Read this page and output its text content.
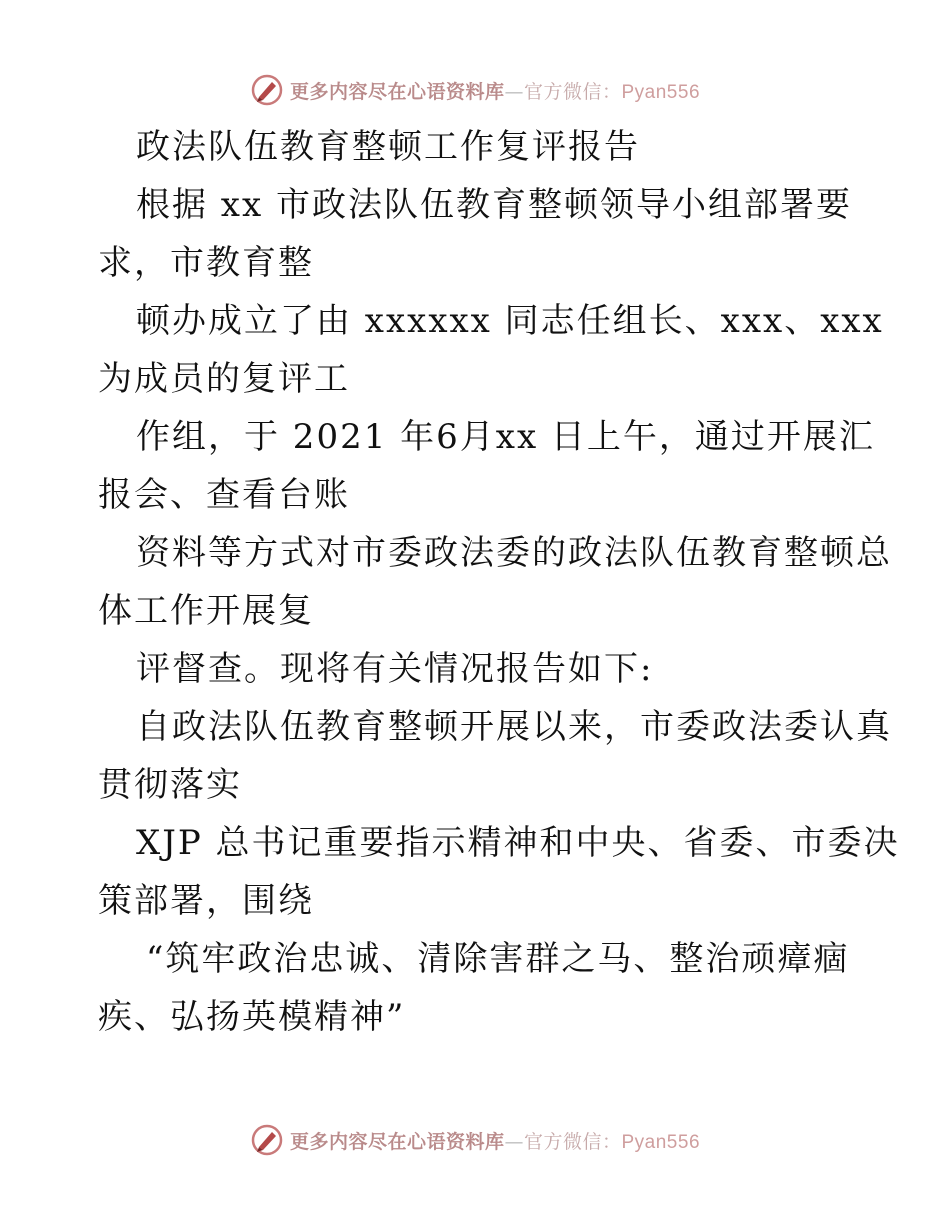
更多内容尽在心语资料库—官方微信：Pyan556
政法队伍教育整顿工作复评报告
根据 xx 市政法队伍教育整顿领导小组部署要
求，市教育整
顿办成立了由 xxxxxx 同志任组长、xxx、xxx
为成员的复评工
作组，于 2021 年6月xx 日上午，通过开展汇
报会、查看台账
资料等方式对市委政法委的政法队伍教育整顿总
体工作开展复
评督查。现将有关情况报告如下:
自政法队伍教育整顿开展以来，市委政法委认真
贯彻落实
XJP 总书记重要指示精神和中央、省委、市委决
策部署，围绕
“筑牢政治忠诚、清除害群之马、整治顽瘴痼
疾、弘扬英模精神”
更多内容尽在心语资料库—官方微信：Pyan556
